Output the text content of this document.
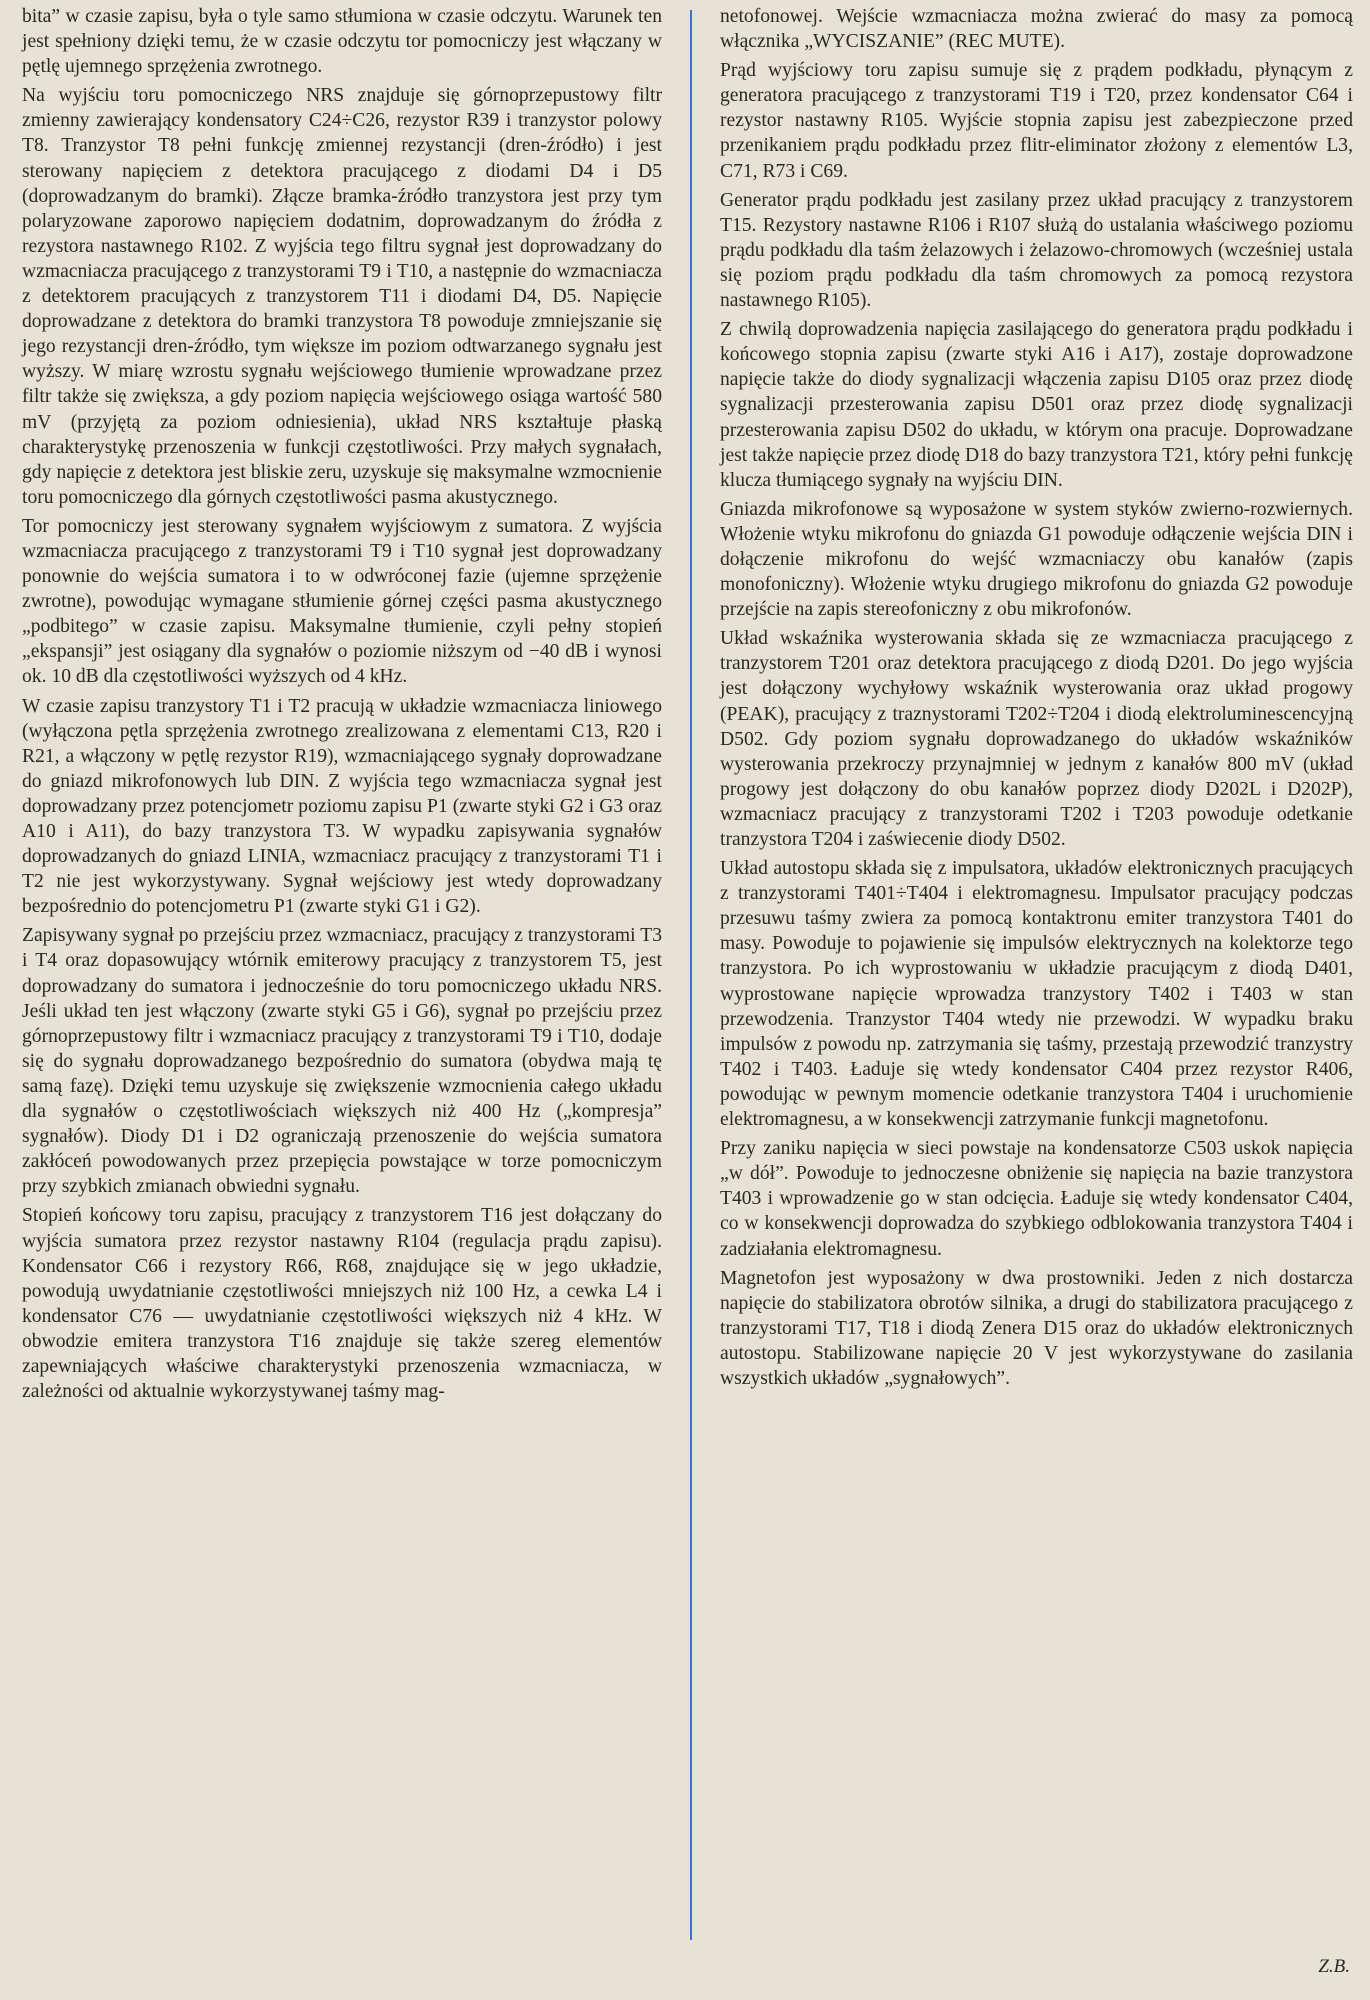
bita” w czasie zapisu, była o tyle samo stłumiona w czasie odczytu. Warunek ten jest spełniony dzięki temu, że w czasie odczytu tor pomocniczy jest włączany w pętlę ujemnego sprzężenia zwrotnego.

Na wyjściu toru pomocniczego NRS znajduje się górnoprzepustowy filtr zmienny zawierający kondensatory C24÷C26, rezystor R39 i tranzystor polowy T8. Tranzystor T8 pełni funkcję zmiennej rezystancji (dren-źródło) i jest sterowany napięciem z detektora pracującego z diodami D4 i D5 (doprowadzanym do bramki). Złącze bramka-źródło tranzystora jest przy tym polaryzowane zaporowo napięciem dodatnim, doprowadzanym do źródła z rezystora nastawnego R102. Z wyjścia tego filtru sygnał jest doprowadzany do wzmacniacza pracującego z tranzystorami T9 i T10, a następnie do wzmacniacza z detektorem pracujących z tranzystorem T11 i diodami D4, D5. Napięcie doprowadzane z detektora do bramki tranzystora T8 powoduje zmniejszanie się jego rezystancji dren-źródło, tym większe im poziom odtwarzanego sygnału jest wyższy. W miarę wzrostu sygnału wejściowego tłumienie wprowadzane przez filtr także się zwiększa, a gdy poziom napięcia wejściowego osiąga wartość 580 mV (przyjętą za poziom odniesienia), układ NRS kształtuje płaską charakterystykę przenoszenia w funkcji częstotliwości. Przy małych sygnałach, gdy napięcie z detektora jest bliskie zeru, uzyskuje się maksymalne wzmocnienie toru pomocniczego dla górnych częstotliwości pasma akustycznego.

Tor pomocniczy jest sterowany sygnałem wyjściowym z sumatora. Z wyjścia wzmacniacza pracującego z tranzystorami T9 i T10 sygnał jest doprowadzany ponownie do wejścia sumatora i to w odwróconej fazie (ujemne sprzężenie zwrotne), powodując wymagane stłumienie górnej części pasma akustycznego „podbitego” w czasie zapisu. Maksymalne tłumienie, czyli pełny stopień „ekspansji” jest osiągany dla sygnałów o poziomie niższym od −40 dB i wynosi ok. 10 dB dla częstotliwości wyższych od 4 kHz.

W czasie zapisu tranzystory T1 i T2 pracują w układzie wzmacniacza liniowego (wyłączona pętla sprzężenia zwrotnego zrealizowana z elementami C13, R20 i R21, a włączony w pętlę rezystor R19), wzmacniającego sygnały doprowadzane do gniazd mikrofonowych lub DIN. Z wyjścia tego wzmacniacza sygnał jest doprowadzany przez potencjometr poziomu zapisu P1 (zwarte styki G2 i G3 oraz A10 i A11), do bazy tranzystora T3. W wypadku zapisywania sygnałów doprowadzanych do gniazd LINIA, wzmacniacz pracujący z tranzystorami T1 i T2 nie jest wykorzystywany. Sygnał wejściowy jest wtedy doprowadzany bezpośrednio do potencjometru P1 (zwarte styki G1 i G2).

Zapisywany sygnał po przejściu przez wzmacniacz, pracujący z tranzystorami T3 i T4 oraz dopasowujący wtórnik emiterowy pracujący z tranzystorem T5, jest doprowadzany do sumatora i jednocześnie do toru pomocniczego układu NRS. Jeśli układ ten jest włączony (zwarte styki G5 i G6), sygnał po przejściu przez górnoprzepustowy filtr i wzmacniacz pracujący z tranzystorami T9 i T10, dodaje się do sygnału doprowadzanego bezpośrednio do sumatora (obydwa mają tę samą fazę). Dzięki temu uzyskuje się zwiększenie wzmocnienia całego układu dla sygnałów o częstotliwościach większych niż 400 Hz („kompresja” sygnałów). Diody D1 i D2 ograniczają przenoszenie do wejścia sumatora zakłóceń powodowanych przez przepięcia powstające w torze pomocniczym przy szybkich zmianach obwiedni sygnału.

Stopień końcowy toru zapisu, pracujący z tranzystorem T16 jest dołączany do wyjścia sumatora przez rezystor nastawny R104 (regulacja prądu zapisu). Kondensator C66 i rezystory R66, R68, znajdujące się w jego układzie, powodują uwydatnianie częstotliwości mniejszych niż 100 Hz, a cewka L4 i kondensator C76 — uwydatnianie częstotliwości większych niż 4 kHz. W obwodzie emitera tranzystora T16 znajduje się także szereg elementów zapewniających właściwe charakterystyki przenoszenia wzmacniacza, w zależności od aktualnie wykorzystywanej taśmy mag-

netofonowej. Wejście wzmacniacza można zwierać do masy za pomocą włącznika „WYCISZANIE” (REC MUTE).

Prąd wyjściowy toru zapisu sumuje się z prądem podkładu, płynącym z generatora pracującego z tranzystorami T19 i T20, przez kondensator C64 i rezystor nastawny R105. Wyjście stopnia zapisu jest zabezpieczone przed przenikaniem prądu podkładu przez flitr-eliminator złożony z elementów L3, C71, R73 i C69.

Generator prądu podkładu jest zasilany przez układ pracujący z tranzystorem T15. Rezystory nastawne R106 i R107 służą do ustalania właściwego poziomu prądu podkładu dla taśm żelazowych i żelazowo-chromowych (wcześniej ustala się poziom prądu podkładu dla taśm chromowych za pomocą rezystora nastawnego R105).

Z chwilą doprowadzenia napięcia zasilającego do generatora prądu podkładu i końcowego stopnia zapisu (zwarte styki A16 i A17), zostaje doprowadzone napięcie także do diody sygnalizacji włączenia zapisu D105 oraz przez diodę sygnalizacji przesterowania zapisu D501 oraz przez diodę sygnalizacji przesterowania zapisu D502 do układu, w którym ona pracuje. Doprowadzane jest także napięcie przez diodę D18 do bazy tranzystora T21, który pełni funkcję klucza tłumiącego sygnały na wyjściu DIN.

Gniazda mikrofonowe są wyposażone w system styków zwierno-rozwiernych. Włożenie wtyku mikrofonu do gniazda G1 powoduje odłączenie wejścia DIN i dołączenie mikrofonu do wejść wzmacniaczy obu kanałów (zapis monofoniczny). Włożenie wtyku drugiego mikrofonu do gniazda G2 powoduje przejście na zapis stereofoniczny z obu mikrofonów.

Układ wskaźnika wysterowania składa się ze wzmacniacza pracującego z tranzystorem T201 oraz detektora pracującego z diodą D201. Do jego wyjścia jest dołączony wychyłowy wskaźnik wysterowania oraz układ progowy (PEAK), pracujący z traznystorami T202÷T204 i diodą elektroluminescencyjną D502. Gdy poziom sygnału doprowadzanego do układów wskaźników wysterowania przekroczy przynajmniej w jednym z kanałów 800 mV (układ progowy jest dołączony do obu kanałów poprzez diody D202L i D202P), wzmacniacz pracujący z tranzystorami T202 i T203 powoduje odetkanie tranzystora T204 i zaświecenie diody D502.

Układ autostopu składa się z impulsatora, układów elektronicznych pracujących z tranzystorami T401÷T404 i elektromagnesu. Impulsator pracujący podczas przesuwu taśmy zwiera za pomocą kontaktronu emiter tranzystora T401 do masy. Powoduje to pojawienie się impulsów elektrycznych na kolektorze tego tranzystora. Po ich wyprostowaniu w układzie pracującym z diodą D401, wyprostowane napięcie wprowadza tranzystory T402 i T403 w stan przewodzenia. Tranzystor T404 wtedy nie przewodzi. W wypadku braku impulsów z powodu np. zatrzymania się taśmy, przestają przewodzić tranzystry T402 i T403. Ładuje się wtedy kondensator C404 przez rezystor R406, powodując w pewnym momencie odetkanie tranzystora T404 i uruchomienie elektromagnesu, a w konsekwencji zatrzymanie funkcji magnetofonu.

Przy zaniku napięcia w sieci powstaje na kondensatorze C503 uskok napięcia „w dół”. Powoduje to jednoczesne obniżenie się napięcia na bazie tranzystora T403 i wprowadzenie go w stan odcięcia. Ładuje się wtedy kondensator C404, co w konsekwencji doprowadza do szybkiego odblokowania tranzystora T404 i zadziałania elektromagnesu.

Magnetofon jest wyposażony w dwa prostowniki. Jeden z nich dostarcza napięcie do stabilizatora obrotów silnika, a drugi do stabilizatora pracującego z tranzystorami T17, T18 i diodą Zenera D15 oraz do układów elektronicznych autostopu. Stabilizowane napięcie 20 V jest wykorzystywane do zasilania wszystkich układów „sygnałowych”.

Z.B.
